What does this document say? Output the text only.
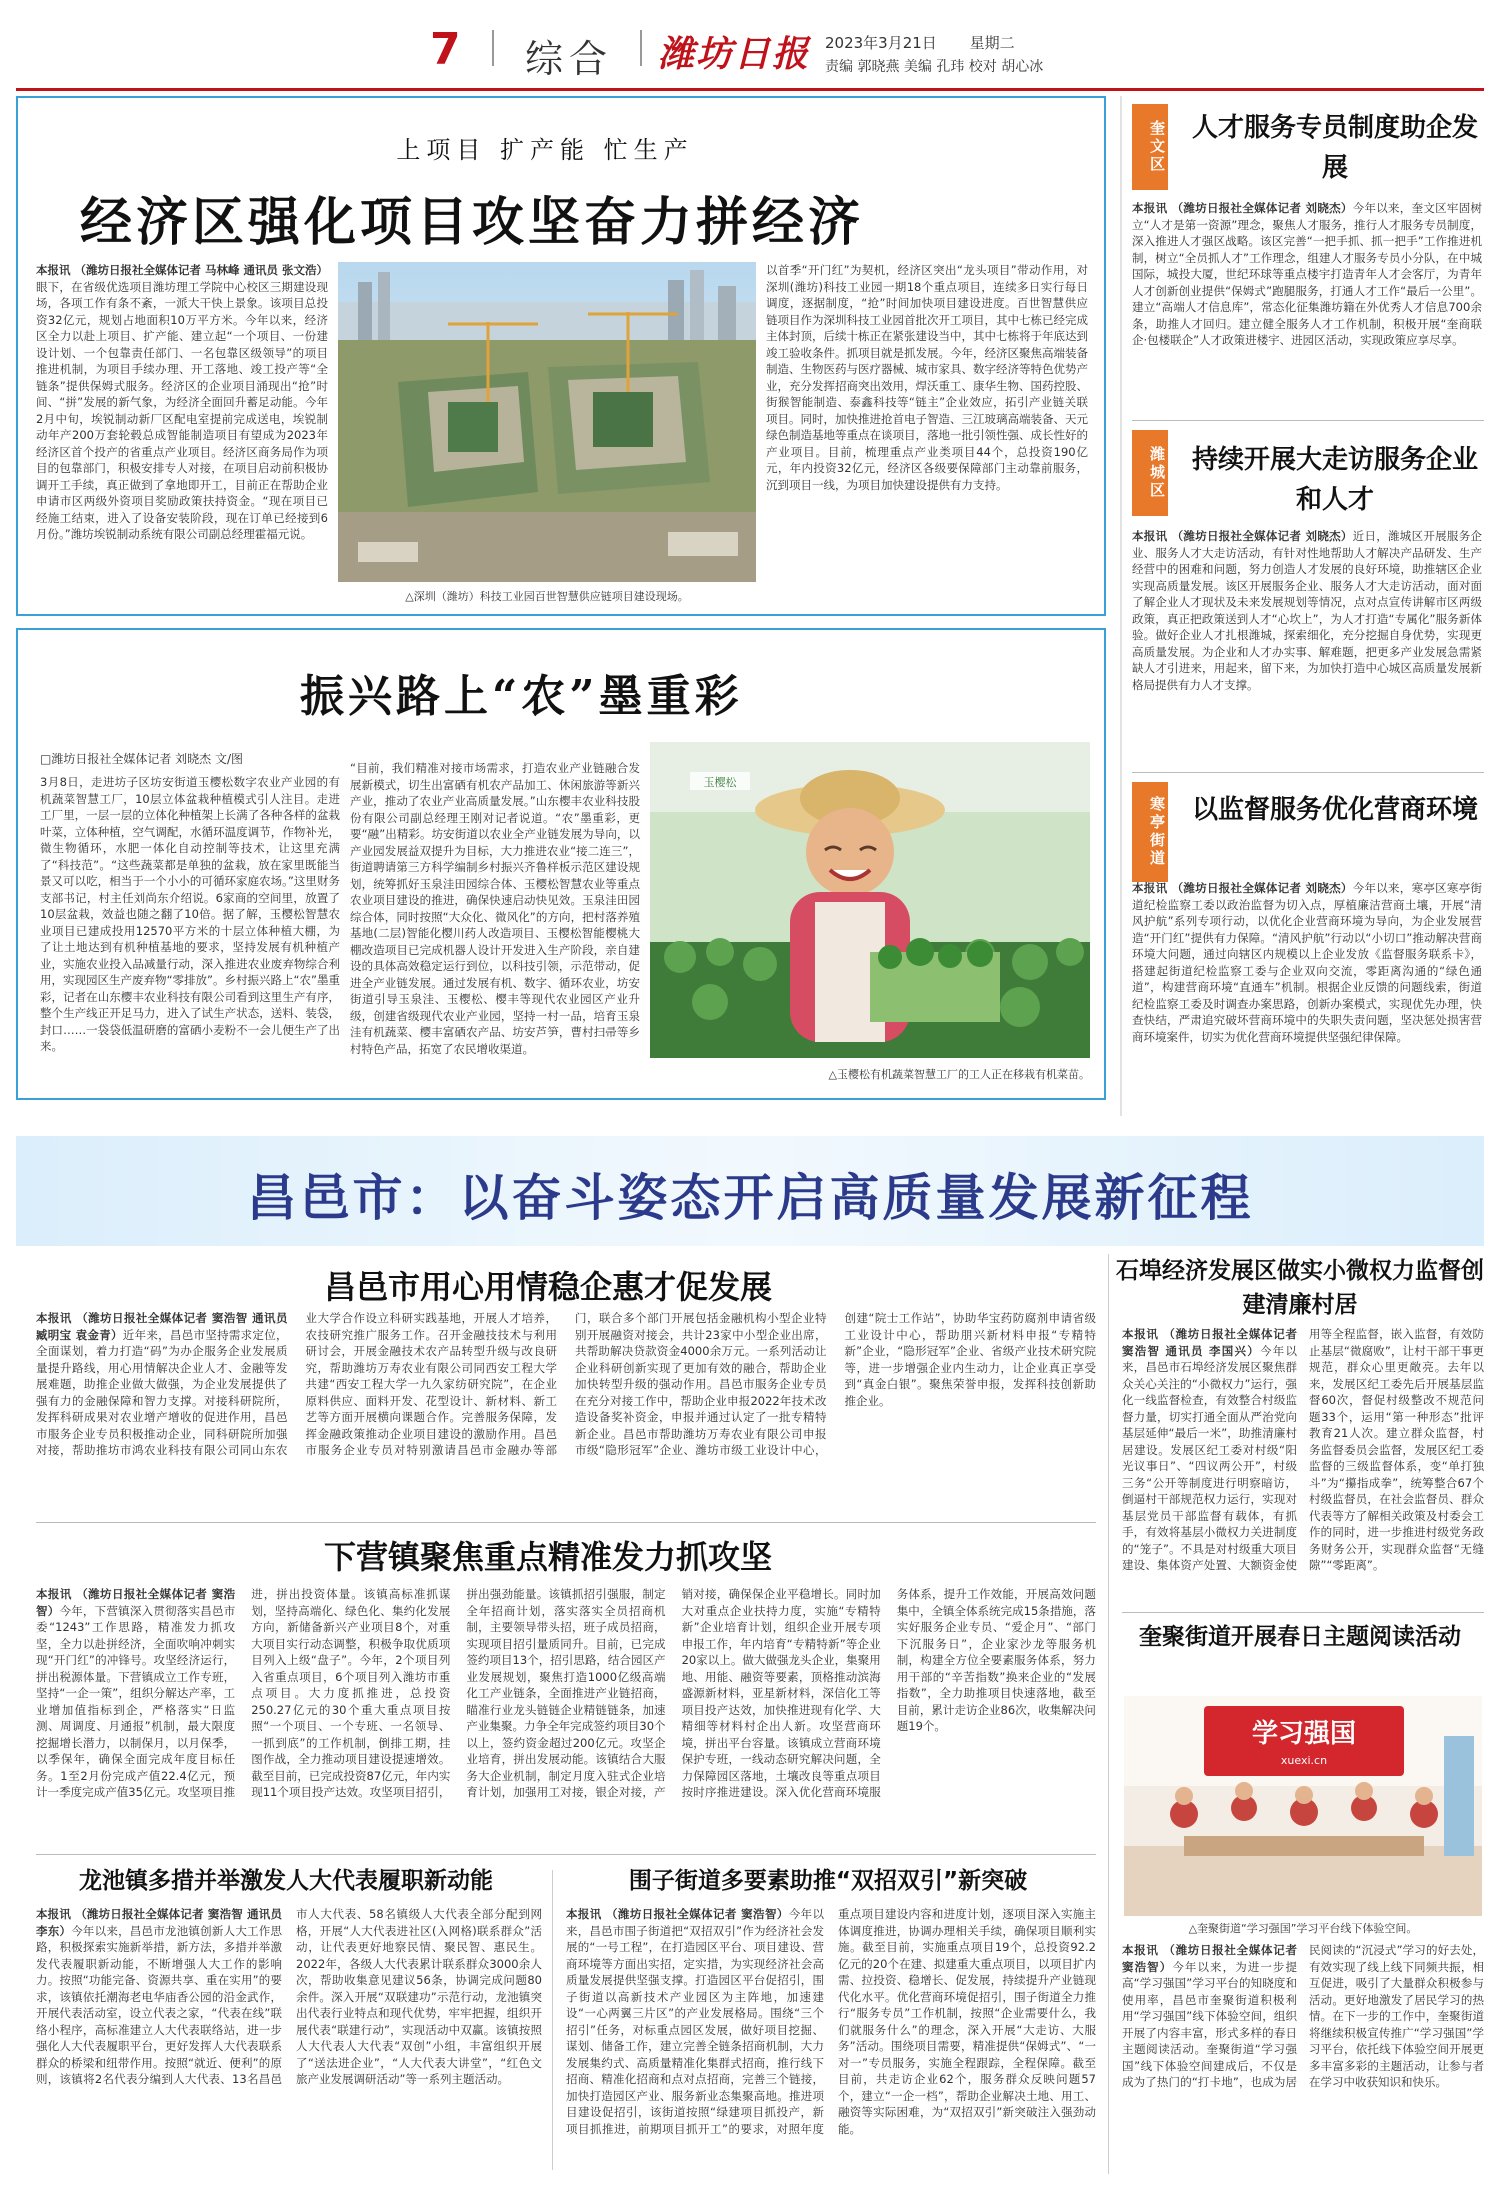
7 综合 潍坊日报 2023年3月21日 星期二
责编 郭晓燕 美编 孔玮 校对 胡心冰
上项目 扩产能 忙生产
经济区强化项目攻坚奋力拼经济
本报讯 （潍坊日报社全媒体记者 马林峰 通讯员 张文浩）眼下，在省级优选项目潍坊理工学院中心校区三期建设现场，各项工作有条不紊，一派大干快上景象。该项目总投资32亿元，规划占地面积10万平方米。今年以来，经济区全力以赴上项目、扩产能、建立起“一个项目、一份建设计划、一个包靠责任部门、一名包靠区级领导”的项目推进机制，为项目手续办理、开工落地、竣工投产等“全链条”提供保姆式服务。经济区的企业项目涌现出“抢”时间、“拼”发展的新气象，为经济全面回升蓄足动能。今年2月中旬，埃锐制动新厂区配电室提前完成送电，埃锐制动年产200万套轮毂总成智能制造项目有望成为2023年经济区首个投产的省重点产业项目。经济区商务局作为项目的包靠部门，积极安排专人对接，在项目启动前积极协调开工手续，真正做到了拿地即开工，目前正在帮助企业申请市区两级外资项目奖励政策扶持资金。“现在项目已经施工结束，进入了设备安装阶段，现在订单已经接到6月份。”潍坊埃锐制动系统有限公司副总经理霍福元说。
△深圳（潍坊）科技工业园百世智慧供应链项目建设现场。
以首季“开门红”为契机，经济区突出“龙头项目”带动作用，对深圳(潍坊)科技工业园一期18个重点项目，连续多日实行每日调度，逐据制度，“抢”时间加快项目建设进度。百世智慧供应链项目作为深圳科技工业园首批次开工项目，其中七栋已经完成主体封顶，后续十栋正在紧张建设当中，其中七栋将于年底达到竣工验收条件。抓项目就是抓发展。今年，经济区聚焦高端装备制造、生物医药与医疗器械、城市家具、数字经济等特色优势产业，充分发挥招商突出效用，焊沃重工、康华生物、国药控股、街猴智能制造、泰鑫科技等“链主”企业效应，拓引产业链关联项目。同时，加快推进抢首电子智造、三江玻璃高端装备、天元绿色制造基地等重点在谈项目，落地一批引领性强、成长性好的产业项目。目前，梳理重点产业类项目44个，总投资190亿元，年内投资32亿元，经济区各级要保障部门主动靠前服务，沉到项目一线，为项目加快建设提供有力支持。
振兴路上“农”墨重彩
□潍坊日报社全媒体记者 刘晓杰 文/图
3月8日，走进坊子区坊安街道玉樱松数字农业产业园的有机蔬菜智慧工厂，10层立体盆栽种植模式引人注目。走进工厂里，一层一层的立体化种植架上长满了各种各样的盆栽叶菜，立体种植，空气调配，水循环温度调节，作物补光，微生物循环，水肥一体化自动控制等技术，让这里充满了“科技范”。“这些蔬菜都是单独的盆栽，放在家里既能当景又可以吃，相当于一个小小的可循环家庭农场。”这里财务支部书记，村主任刘尚东介绍说。6家商的空间里，放置了10层盆栽，效益也随之翻了10倍。据了解，玉樱松智慧农业项目已建成投用12570平方米的十层立体种植大棚，为了让土地达到有机种植基地的要求，坚持发展有机种植产业，实施农业投入品减量行动，深入推进农业废弃物综合利用，实现园区生产废弃物“零排放”。乡村振兴路上“农”墨重彩，记者在山东樱丰农业科技有限公司看到这里生产有序，整个生产线正开足马力，进入了试生产状态，送料、装袋，封口……一袋袋低温研磨的富硒小麦粉不一会儿便生产了出来。
“目前，我们精准对接市场需求，打造农业产业链融合发展新模式，切生出富硒有机农产品加工、休闲旅游等新兴产业，推动了农业产业高质量发展。”山东樱丰农业科技股份有限公司副总经理王刚对记者说道。“农”墨重彩，更要“融”出精彩。坊安街道以农业全产业链发展为导向，以产业园发展益双提升为目标，大力推进农业“接二连三”，街道聘请第三方科学编制乡村振兴齐鲁样板示范区建设规划，统筹抓好玉泉洼田园综合体、玉樱松智慧农业等重点农业项目建设的推进，确保快速启动快见效。玉泉洼田园综合体，同时按照“大众化、微风化”的方向，把村落养殖基地(二层)智能化樱川药人改造项目、玉樱松智能樱桃大棚改造项目已完成机器人设计开发进入生产阶段，亲自建设的具体高效稳定运行到位，以科技引领，示范带动，促进全产业链发展。通过发展有机、数字、循环农业，坊安街道引导玉泉洼、玉樱松、樱丰等现代农业园区产业升级，创建省级现代农业产业园，坚持一村一品，培育玉泉洼有机蔬菜、樱丰富硒农产品、坊安芦笋，曹村扫帚等乡村特色产品，拓宽了农民增收渠道。
玉樱松
△玉樱松有机蔬菜智慧工厂的工人正在移栽有机菜苗。
奎文区 人才服务专员制度助企发展
本报讯 （潍坊日报社全媒体记者 刘晓杰）今年以来，奎文区牢固树立“人才是第一资源”理念，聚焦人才服务，推行人才服务专员制度，深入推进人才强区战略。该区完善“一把手抓、抓一把手”工作推进机制，树立“全员抓人才”工作理念，组建人才服务专员小分队，在中城国际，城投大厦，世纪环球等重点楼宇打造青年人才会客厅，为青年人才创新创业提供“保姆式”跑腿服务，打通人才工作“最后一公里”。建立“高端人才信息库”，常态化征集潍坊籍在外优秀人才信息700余条，助推人才回归。建立健全服务人才工作机制，积极开展“奎商联企·包楼联企”人才政策进楼宇、进园区活动，实现政策应享尽享。
潍城区 持续开展大走访服务企业和人才
本报讯 （潍坊日报社全媒体记者 刘晓杰）近日，潍城区开展服务企业、服务人才大走访活动，有针对性地帮助人才解决产品研发、生产经营中的困难和问题，努力创造人才发展的良好环境，助推辖区企业实现高质量发展。该区开展服务企业、服务人才大走访活动，面对面了解企业人才现状及未来发展规划等情况，点对点宣传讲解市区两级政策，真正把政策送到人才“心坎上”，为人才打造“专属化”服务新体验。做好企业人才扎根潍城，探索细化，充分挖掘自身优势，实现更高质量发展。为企业和人才办实事、解难题，把更多产业发展急需紧缺人才引进来，用起来，留下来，为加快打造中心城区高质量发展新格局提供有力人才支撑。
寒亭街道 以监督服务优化营商环境
本报讯 （潍坊日报社全媒体记者 刘晓杰）今年以来，寒亭区寒亭街道纪检监察工委以政治监督为切入点，厚植廉洁营商土壤，开展“清风护航”系列专项行动，以优化企业营商环境为导向，为企业发展营造“开门红”提供有力保障。“清风护航”行动以“小切口”推动解决营商环境大问题，通过向辖区内规模以上企业发放《监督服务联系卡》，搭建起街道纪检监察工委与企业双向交流，零距离沟通的“绿色通道”，构建营商环境“直通车”机制。根据企业反馈的问题线索，街道纪检监察工委及时调查办案思路，创新办案模式，实现优先办理，快查快结，严肃追究破坏营商环境中的失职失责问题，坚决惩处损害营商环境案件，切实为优化营商环境提供坚强纪律保障。
昌邑市：以奋斗姿态开启高质量发展新征程
昌邑市用心用情稳企惠才促发展
本报讯 （潍坊日报社全媒体记者 窦浩智 通讯员 臧明宝 袁金青）近年来，昌邑市坚持需求定位，全面谋划，着力打造“码”为办企服务企业发展质量提升路线，用心用情解决企业人才、金融等发展难题，助推企业做大做强，为企业发展提供了强有力的金融保障和智力支撑。对接科研院所，发挥科研成果对农业增产增收的促进作用，昌邑市服务企业专员积极推动企业，同科研院所加强对接，帮助推坊市鸿农业科技有限公司同山东农业大学合作设立科研实践基地，开展人才培养，农技研究推广服务工作。召开金融技技术与利用研讨会，开展金融技术农产品转型升级与改良研究，帮助潍坊万寿农业有限公司同西安工程大学共建“西安工程大学一九久家纺研究院”，在企业原料供应、面料开发、花型设计、新材料、新工艺等方面开展横向课题合作。完善服务保障，发挥金融政策推动企业项目建设的激励作用。昌邑市服务企业专员对特别激请昌邑市金融办等部门，联合多个部门开展包括金融机构小型企业特别开展融资对接会，共计23家中小型企业出席，共帮助解决贷款资金4000余万元。一系列活动让企业科研创新实现了更加有效的融合，帮助企业加快转型升级的强动作用。昌邑市服务企业专员在充分对接工作中，帮助企业申报2022年技术改造设备奖补资金，申报并通过认定了一批专精特新企业。昌邑市帮助潍坊万寿农业有限公司申报市级“隐形冠军”企业、潍坊市级工业设计中心，创建“院士工作站”，协助华宝药防腐剂申请省级工业设计中心，帮助朋兴新材料申报“专精特新”企业，“隐形冠军”企业、省级产业技术研究院等，进一步增强企业内生动力，让企业真正享受到“真金白银”。聚焦荣誉申报，发挥科技创新助推企业。
下营镇聚焦重点精准发力抓攻坚
本报讯 （潍坊日报社全媒体记者 窦浩智）今年，下营镇深入贯彻落实昌邑市委“1243”工作思路，精准发力抓攻坚，全力以赴拼经济，全面吹响冲刺实现“开门红”的冲锋号。攻坚经济运行，拼出税源体量。下营镇成立工作专班，坚持“一企一策”，组织分解达产率，工业增加值指标到企，严格落实“日监测、周调度、月通报”机制，最大限度挖掘增长潜力，以制保月，以月保季，以季保年，确保全面完成年度目标任务。1至2月份完成产值22.4亿元，预计一季度完成产值35亿元。攻坚项目推进，拼出投资体量。该镇高标准抓谋划，坚持高端化、绿色化、集约化发展方向，新储备新兴产业项目8个，对重大项目实行动态调整，积极争取优质项目列入上级“盘子”。今年，2个项目列入省重点项目，6个项目列入潍坊市重点项目。大力度抓推进，总投资250.27亿元的30个重大重点项目按照“一个项目、一个专班、一名领导、一抓到底”的工作机制，倒排工期，挂图作战，全力推动项目建设提速增效。截至目前，已完成投资87亿元，年内实现11个项目投产达效。攻坚项目招引，拼出强劲能量。该镇抓招引强服，制定全年招商计划，落实落实全员招商机制，主要领导带头招，班子成员招商，实现项目招引量质同升。目前，已完成签约项目13个，招引思路，结合园区产业发展规划，聚焦打造1000亿级高端化工产业链条，全面推进产业链招商，瞄准行业龙头链链企业精链链条，加速产业集聚。力争全年完成签约项目30个以上，签约资金超过200亿元。攻坚企业培育，拼出发展动能。该镇结合大服务大企业机制，制定月度入驻式企业培育计划，加强用工对接，银企对接，产销对接，确保保企业平稳增长。同时加大对重点企业扶持力度，实施“专精特新”企业培育计划，组织企业开展专项申报工作，年内培育“专精特新”等企业20家以上。做大做强龙头企业，集聚用地、用能、融资等要素，顶格推动滨海盛源新材料，亚星新材料，深信化工等项目投产达效，加快推进现有化学、大精细等材料村企出人新。攻坚营商环境，拼出平台容量。该镇成立营商环境保护专班，一线动态研究解决问题，全力保障园区落地，土壤改良等重点项目按时序推进建设。深入优化营商环境服务体系，提升工作效能，开展高效问题集中，全镇全体系统完成15条措施，落实好服务企业专员、“爱企月”、“部门下沉服务日”，企业家沙龙等服务机制，构建全方位全要素服务体系，努力用干部的“辛苦指数”换来企业的“发展指数”，全力助推项目快速落地，截至目前，累计走访企业86次，收集解决问题19个。
龙池镇多措并举激发人大代表履职新动能
本报讯 （潍坊日报社全媒体记者 窦浩智 通讯员 李东）今年以来，昌邑市龙池镇创新人大工作思路，积极探索实施新举措，新方法，多措并举激发代表履职新动能，不断增强人大工作的影响力。按照“功能完备、资源共享、重在实用”的要求，该镇依托潮海老电华庙香公园的沿金武作，开展代表活动室，设立代表之家，“代表在线”联络小程序，高标准建立人大代表联络站，进一步强化人大代表履职平台，更好发挥人大代表联系群众的桥梁和纽带作用。按照“就近、便利”的原则，该镇将2名代表分编到人大代表、13名昌邑市人大代表、58名镇级人大代表全部分配到网格，开展“人大代表进社区(入网格)联系群众”活动，让代表更好地察民情、聚民智、惠民生。2022年，各级人大代表累计联系群众3000余人次，帮助收集意见建议56条，协调完成问题80余件。深入开展“双联建功”示范行动，龙池镇突出代表行业特点和现代优势，牢牢把握，组织开展代表“联建行动”，实现活动中双赢。该镇按照人大代表人大代表“双创”小组，丰富组织开展了“送法进企业”，“人大代表大讲堂”，“红色文旅产业发展调研活动”等一系列主题活动。
围子街道多要素助推“双招双引”新突破
本报讯 （潍坊日报社全媒体记者 窦浩智）今年以来，昌邑市围子街道把“双招双引”作为经济社会发展的“一号工程”，在打造园区平台、项目建设、营商环境等方面出实招，定实措，为实现经济社会高质量发展提供坚强支撑。打造园区平台促招引，围子街道以高新技术产业园区为主阵地，加速建设“一心两翼三片区”的产业发展格局。围绕“三个招引”任务，对标重点园区发展，做好项目挖掘、谋划、储备工作，建立完善全链条招商机制，大力发展集约式、高质量精准化集群式招商，推行线下招商、精准化招商和点对点招商，完善三个链接，加快打造园区产业、服务新业态集聚高地。推进项目建设促招引，该街道按照“绿建项目抓投产，新项目抓推进，前期项目抓开工”的要求，对照年度重点项目建设内容和进度计划，逐项目深入实施主体调度推进，协调办理相关手续，确保项目顺利实施。截至目前，实施重点项目19个，总投资92.2亿元的20个在建、拟建重大重点项目，以项目扩内需、拉投资、稳增长、促发展，持续提升产业链现代化水平。优化营商环境促招引，围子街道全力推行“服务专员”工作机制，按照“企业需要什么，我们就服务什么”的理念，深入开展“大走访、大服务”活动。围绕项目需要，精准提供“保姆式”、“一对一”专员服务，实施全程跟踪，全程保障。截至目前，共走访企业62个，服务群众反映问题57个，建立“一企一档”，帮助企业解决土地、用工、融资等实际困难，为“双招双引”新突破注入强劲动能。
石埠经济发展区做实小微权力监督创建清廉村居
本报讯 （潍坊日报社全媒体记者 窦浩智 通讯员 李国兴）今年以来，昌邑市石埠经济发展区聚焦群众关心关注的“小微权力”运行，强化一线监督检查，有效整合村级监督力量，切实打通全面从严治党向基层延伸“最后一米”，助推清廉村居建设。发展区纪工委对村级“阳光议事日”、“四议两公开”，村级三务“公开等制度进行明察暗访，倒逼村干部规范权力运行，实现对基层党员干部监督有载体，有抓手，有效将基层小微权力关进制度的“笼子”。不具是对村级重大项目建设、集体资产处置、大额资金使用等全程监督，嵌入监督，有效防止基层“微腐败”，让村干部干事更规范，群众心里更敞亮。去年以来，发展区纪工委先后开展基层监督60次，督促村级整改不规范问题33个，运用“第一种形态”批评教育21人次。建立群众监督，村务监督委员会监督，发展区纪工委监督的三级监督体系，变“单打独斗”为“攥指成拳”，统筹整合67个村级监督员，在社会监督员、群众代表等方了解相关政策及村委会工作的同时，进一步推进村级党务政务财务公开，实现群众监督“无缝隙”“零距离”。
奎聚街道开展春日主题阅读活动
学习强国
xuexi.cn
△奎聚街道“学习强国”学习平台线下体验空间。
本报讯 （潍坊日报社全媒体记者 窦浩智）今年以来，为进一步提高“学习强国”学习平台的知晓度和使用率，昌邑市奎聚街道积极利用“学习强国”线下体验空间，组织开展了内容丰富，形式多样的春日主题阅读活动。奎聚街道“学习强国”线下体验空间建成后，不仅是成为了热门的“打卡地”，也成为居民阅读的“沉浸式”学习的好去处，有效实现了线上线下同频共振，相互促进，吸引了大量群众积极参与活动。更好地激发了居民学习的热情。在下一步的工作中，奎聚街道将继续积极宣传推广“学习强国”学习平台，依托线下体验空间开展更多丰富多彩的主题活动，让参与者在学习中收获知识和快乐。
